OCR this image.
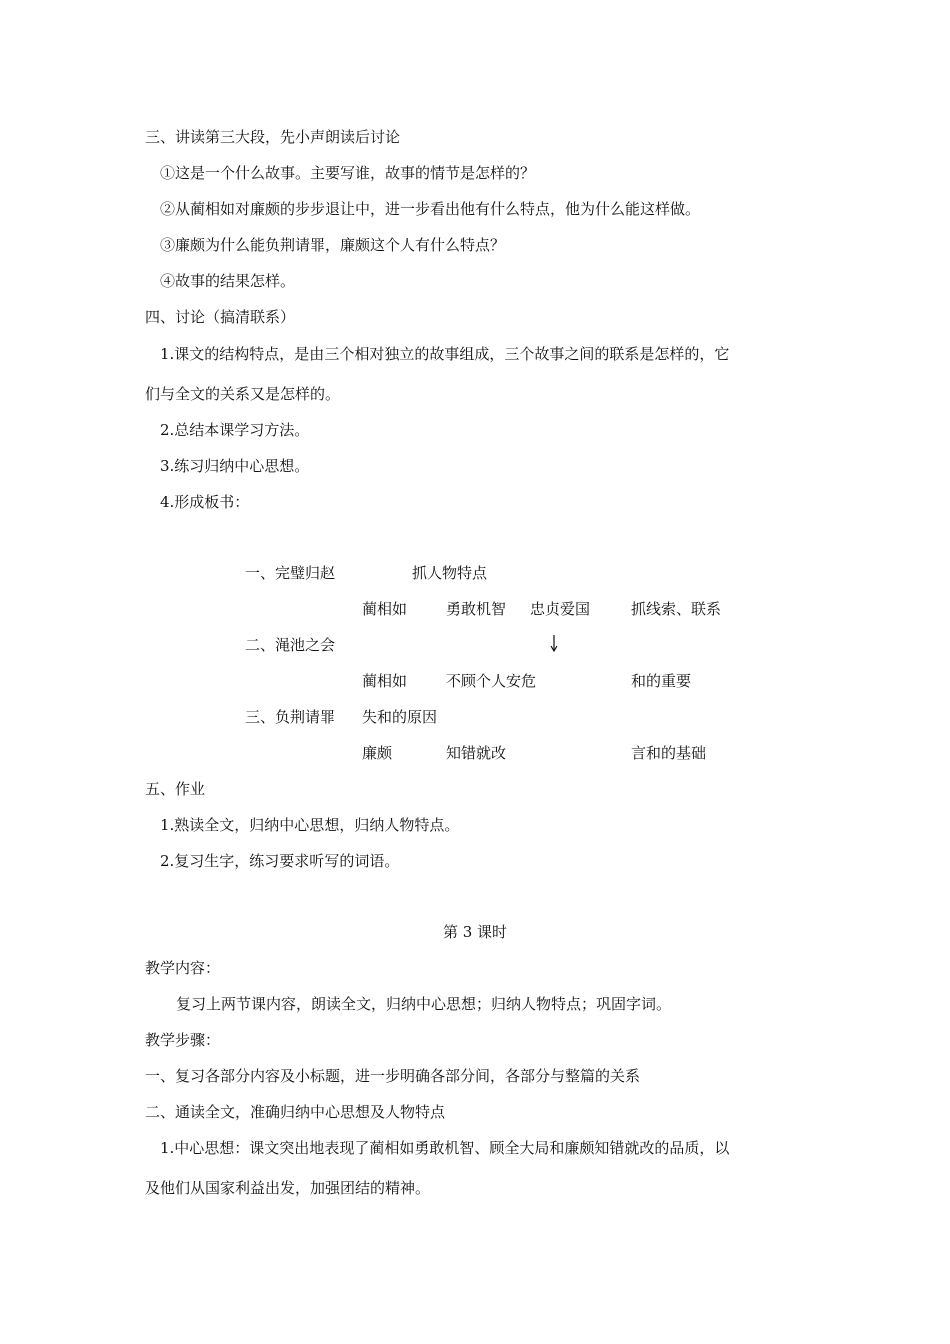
三、讲读第三大段，先小声朗读后讨论
①这是一个什么故事。主要写谁，故事的情节是怎样的？
②从蔺相如对廉颇的步步退让中，进一步看出他有什么特点，他为什么能这样做。
③廉颇为什么能负荆请罪，廉颇这个人有什么特点？
④故事的结果怎样。
四、讨论（搞清联系）
1.课文的结构特点，是由三个相对独立的故事组成，三个故事之间的联系是怎样的，它
们与全文的关系又是怎样的。
2.总结本课学习方法。
3.练习归纳中心思想。
4.形成板书：
一、完璧归赵	抓人物特点
蔺相如	勇敢机智 忠贞爱国	抓线索、联系
二、渑池之会
蔺相如	不顾个人安危	和的重要
三、负荆请罪 失和的原因
廉颇	知错就改	言和的基础
五、作业
1.熟读全文，归纳中心思想，归纳人物特点。
2.复习生字，练习要求听写的词语。
第 3 课时
教学内容：
复习上两节课内容，朗读全文，归纳中心思想；归纳人物特点；巩固字词。
教学步骤：
一、复习各部分内容及小标题，进一步明确各部分间，各部分与整篇的关系
二、通读全文，准确归纳中心思想及人物特点
1.中心思想：课文突出地表现了蔺相如勇敢机智、顾全大局和廉颇知错就改的品质，以
及他们从国家利益出发，加强团结的精神。
